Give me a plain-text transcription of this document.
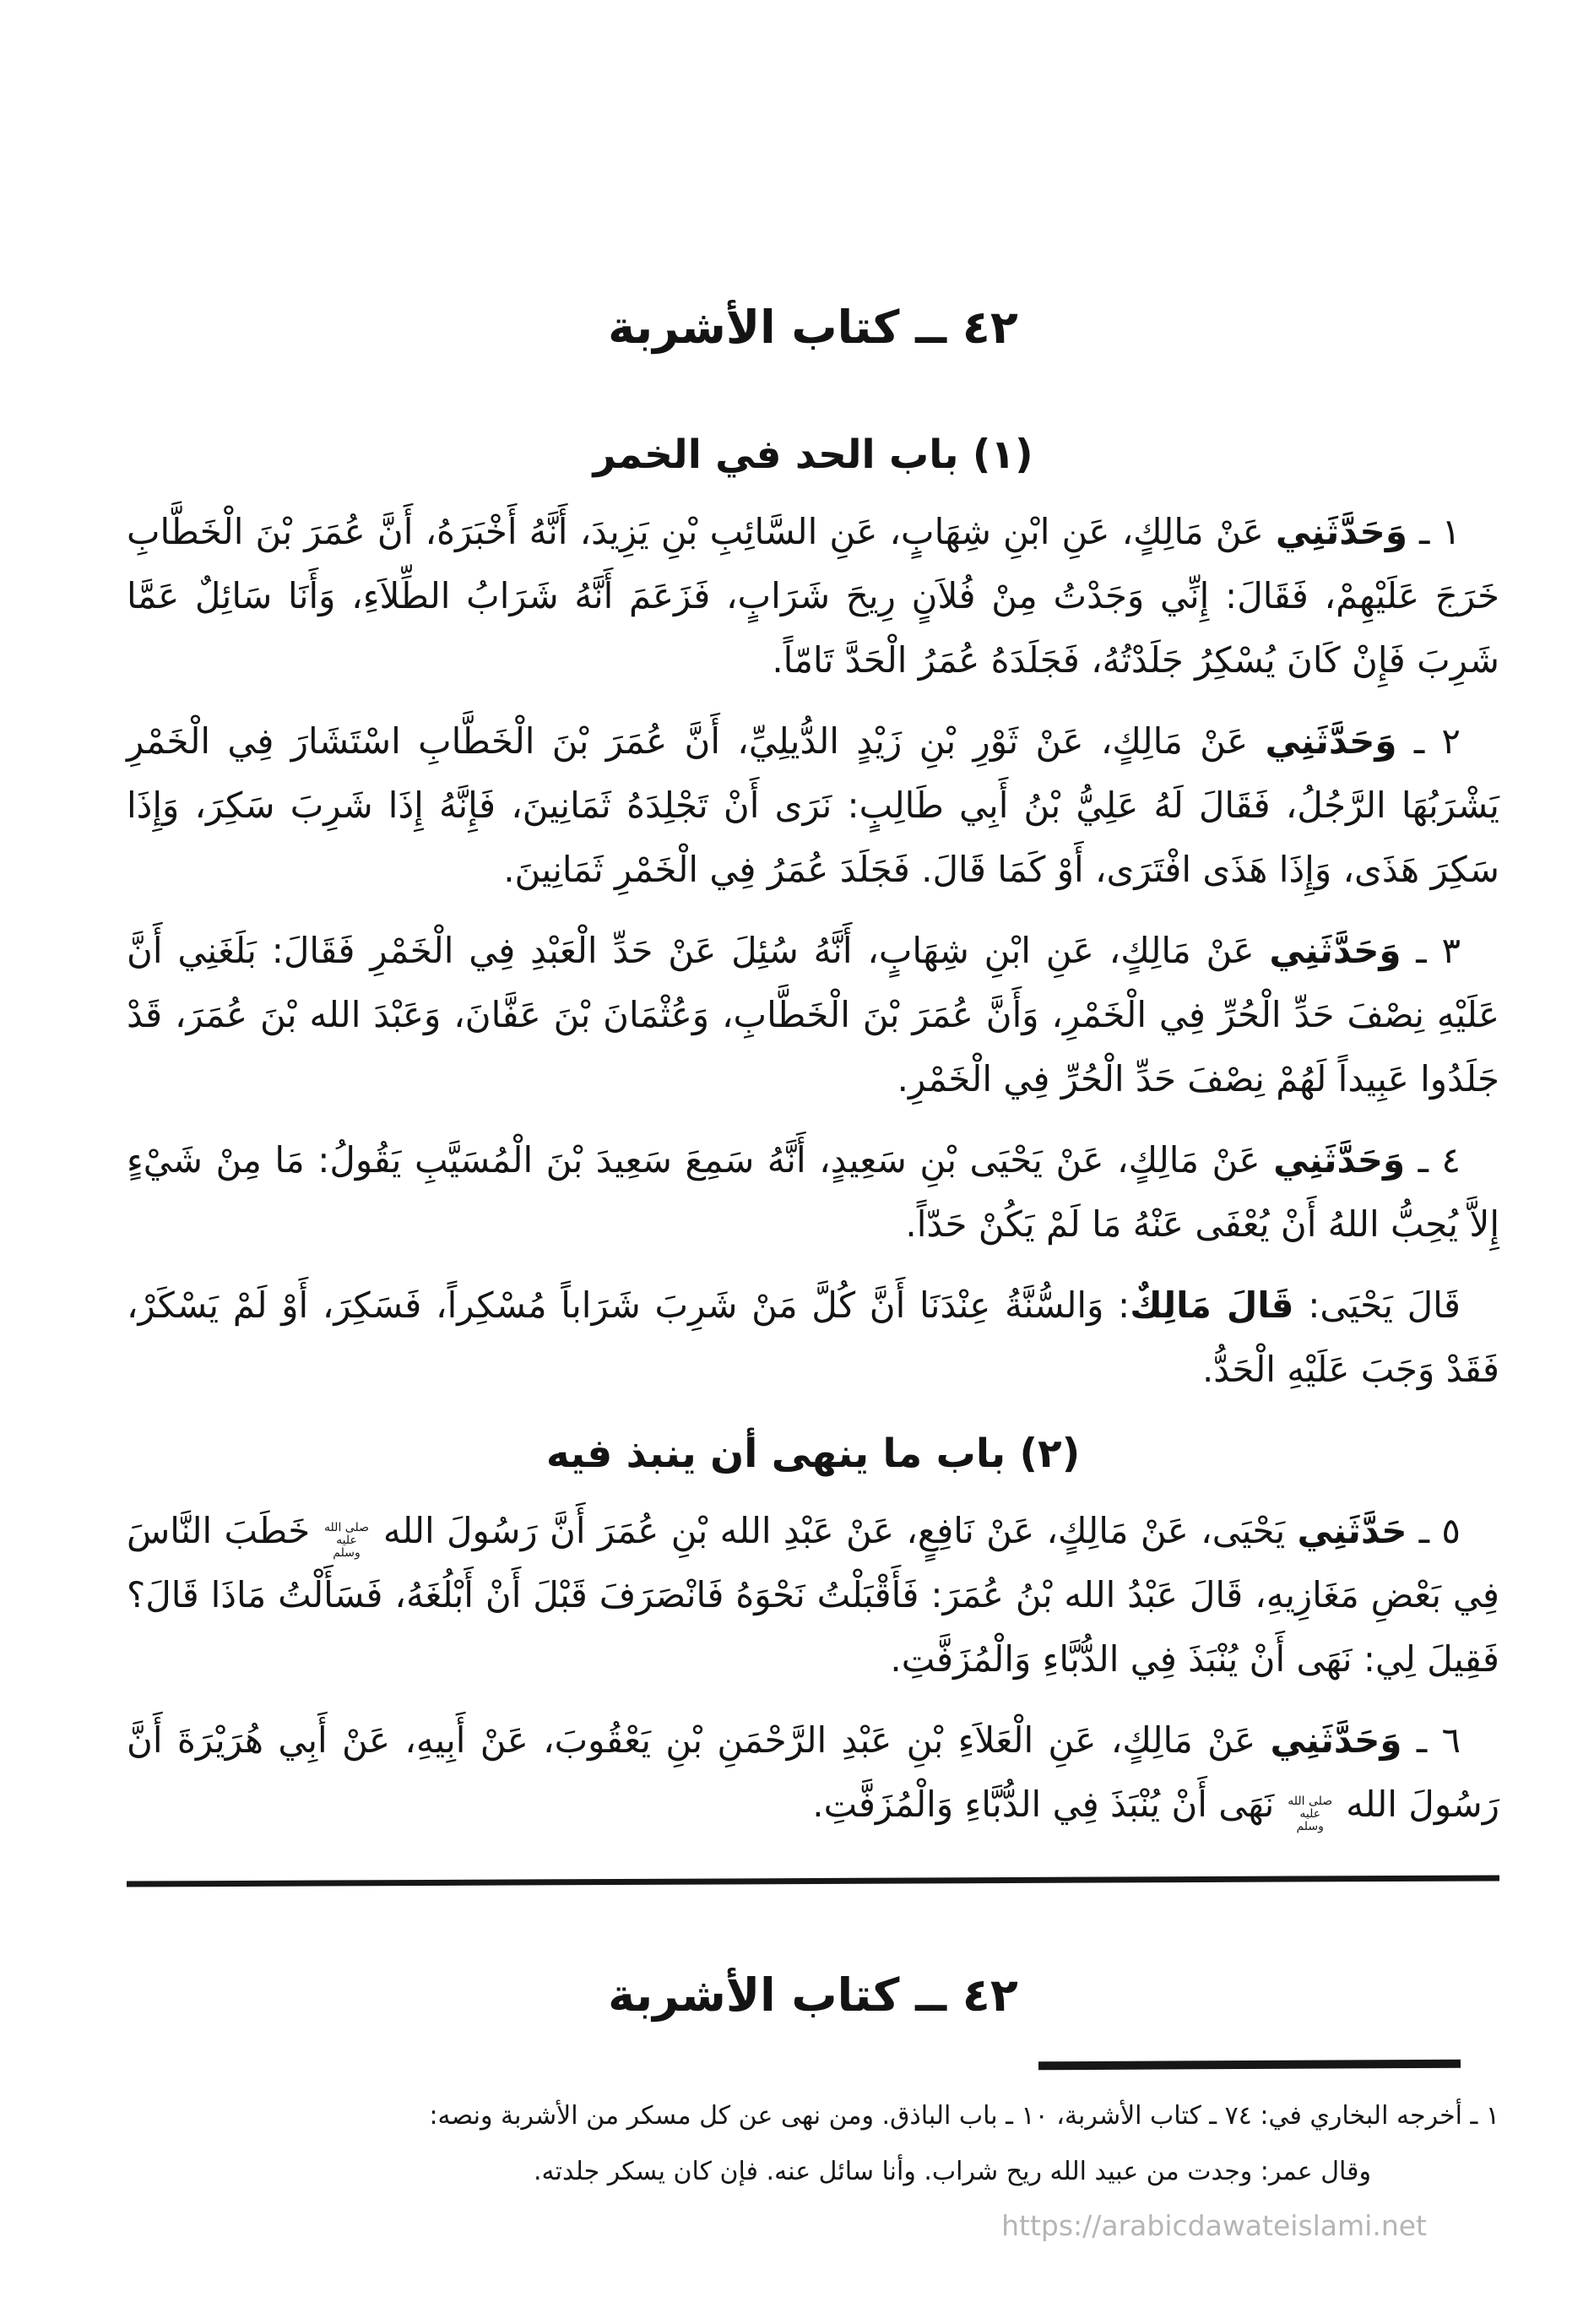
٤٢ ــ كتاب الأشربة
(١) باب الحد في الخمر

١ ـ وَحَدَّثَنِي عَنْ مَالِكٍ، عَنِ ابْنِ شِهَابٍ، عَنِ السَّائِبِ بْنِ يَزِيدَ، أَنَّهُ أَخْبَرَهُ، أَنَّ عُمَرَ بْنَ الْخَطَّابِ خَرَجَ عَلَيْهِمْ، فَقَالَ: إِنِّي وَجَدْتُ مِنْ فُلاَنٍ رِيحَ شَرَابٍ، فَزَعَمَ أَنَّهُ شَرَابُ الطِّلاَءِ، وَأَنَا سَائِلٌ عَمَّا شَرِبَ فَإِنْ كَانَ يُسْكِرُ جَلَدْتُهُ، فَجَلَدَهُ عُمَرُ الْحَدَّ تَامّاً.

٢ ـ وَحَدَّثَنِي عَنْ مَالِكٍ، عَنْ ثَوْرِ بْنِ زَيْدٍ الدُّيلِيِّ، أَنَّ عُمَرَ بْنَ الْخَطَّابِ اسْتَشَارَ فِي الْخَمْرِ يَشْرَبُهَا الرَّجُلُ، فَقَالَ لَهُ عَلِيُّ بْنُ أَبِي طَالِبٍ: نَرَى أَنْ تَجْلِدَهُ ثَمَانِينَ، فَإِنَّهُ إِذَا شَرِبَ سَكِرَ، وَإِذَا سَكِرَ هَذَى، وَإِذَا هَذَى افْتَرَى، أَوْ كَمَا قَالَ. فَجَلَدَ عُمَرُ فِي الْخَمْرِ ثَمَانِينَ.

٣ ـ وَحَدَّثَنِي عَنْ مَالِكٍ، عَنِ ابْنِ شِهَابٍ، أَنَّهُ سُئِلَ عَنْ حَدِّ الْعَبْدِ فِي الْخَمْرِ فَقَالَ: بَلَغَنِي أَنَّ عَلَيْهِ نِصْفَ حَدِّ الْحُرِّ فِي الْخَمْرِ، وَأَنَّ عُمَرَ بْنَ الْخَطَّابِ، وَعُثْمَانَ بْنَ عَفَّانَ، وَعَبْدَ الله بْنَ عُمَرَ، قَدْ جَلَدُوا عَبِيداً لَهُمْ نِصْفَ حَدِّ الْحُرِّ فِي الْخَمْرِ.

٤ ـ وَحَدَّثَنِي عَنْ مَالِكٍ، عَنْ يَحْيَى بْنِ سَعِيدٍ، أَنَّهُ سَمِعَ سَعِيدَ بْنَ الْمُسَيَّبِ يَقُولُ: مَا مِنْ شَيْءٍ إِلاَّ يُحِبُّ اللهُ أَنْ يُعْفَى عَنْهُ مَا لَمْ يَكُنْ حَدّاً.

قَالَ يَحْيَى: قَالَ مَالِكٌ: وَالسُّنَّةُ عِنْدَنَا أَنَّ كُلَّ مَنْ شَرِبَ شَرَاباً مُسْكِراً، فَسَكِرَ، أَوْ لَمْ يَسْكَرْ، فَقَدْ وَجَبَ عَلَيْهِ الْحَدُّ.

(٢) باب ما ينهى أن ينبذ فيه

٥ ـ حَدَّثَنِي يَحْيَى، عَنْ مَالِكٍ، عَنْ نَافِعٍ، عَنْ عَبْدِ الله بْنِ عُمَرَ أَنَّ رَسُولَ الله صلى الله عليه وسلم خَطَبَ النَّاسَ فِي بَعْضِ مَغَازِيهِ، قَالَ عَبْدُ الله بْنُ عُمَرَ: فَأَقْبَلْتُ نَحْوَهُ فَانْصَرَفَ قَبْلَ أَنْ أَبْلُغَهُ، فَسَأَلْتُ مَاذَا قَالَ؟ فَقِيلَ لِي: نَهَى أَنْ يُنْبَذَ فِي الدُّبَّاءِ وَالْمُزَفَّتِ.

٦ ـ وَحَدَّثَنِي عَنْ مَالِكٍ، عَنِ الْعَلاَءِ بْنِ عَبْدِ الرَّحْمَنِ بْنِ يَعْقُوبَ، عَنْ أَبِيهِ، عَنْ أَبِي هُرَيْرَةَ أَنَّ رَسُولَ الله صلى الله عليه وسلم نَهَى أَنْ يُنْبَذَ فِي الدُّبَّاءِ وَالْمُزَفَّتِ.

٤٢ ــ كتاب الأشربة

١ ـ أخرجه البخاري في: ٧٤ ـ كتاب الأشربة، ١٠ ـ باب الباذق. ومن نهى عن كل مسكر من الأشربة ونصه:

وقال عمر: وجدت من عبيد الله ريح شراب. وأنا سائل عنه. فإن كان يسكر جلدته.

https://arabicdawateislami.net
